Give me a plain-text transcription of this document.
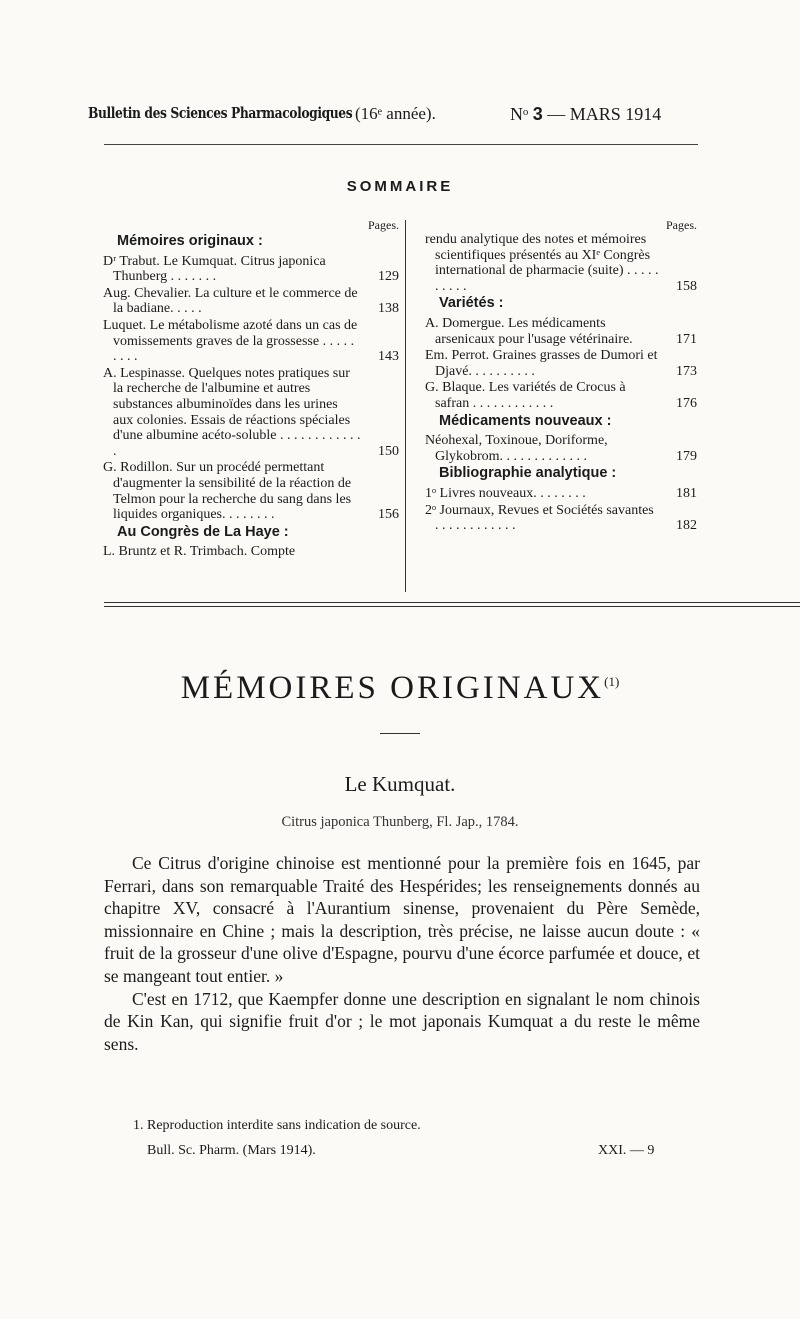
Bulletin des Sciences Pharmacologiques (16ᵉ année).	Nᵒ 3 — MARS 1914
SOMMAIRE
Pages.
Mémoires originaux :
Dʳ Trabut. Le Kumquat. Citrus japonica Thunberg . . . . . . .	129
Aug. Chevalier. La culture et le commerce de la badiane. . . . .	138
Luquet. Le métabolisme azoté dans un cas de vomissements graves de la grossesse . . . . . . . . .	143
A. Lespinasse. Quelques notes pratiques sur la recherche de l'albumine et autres substances albuminoïdes dans les urines aux colonies. Essais de réactions spéciales d'une albumine acéto-soluble . . . . . . . . . . . . .	150
G. Rodillon. Sur un procédé permettant d'augmenter la sensibilité de la réaction de Telmon pour la recherche du sang dans les liquides organiques. . . . . . . .	156
Au Congrès de La Haye :
L. Bruntz et R. Trimbach. Compte
Pages.
rendu analytique des notes et mémoires scientifiques présentés au XIᵉ Congrès international de pharmacie (suite) . . . . . . . . . .	158
Variétés :
A. Domergue. Les médicaments arsenicaux pour l'usage vétérinaire.	171
Em. Perrot. Graines grasses de Dumori et Djavé. . . . . . . . . .	173
G. Blaque. Les variétés de Crocus à safran . . . . . . . . . . . .	176
Médicaments nouveaux :
Néohexal, Toxinoue, Doriforme, Glykobrom. . . . . . . . . . . . .	179
Bibliographie analytique :
1ᵒ Livres nouveaux. . . . . . . .	181
2ᵒ Journaux, Revues et Sociétés savantes . . . . . . . . . . . .	182
MÉMOIRES ORIGINAUX$^{(1)}$
Le Kumquat.
Citrus japonica Thunberg, Fl. Jap., 1784.

Ce Citrus d'origine chinoise est mentionné pour la première fois en 1645, par Ferrari, dans son remarquable Traité des Hespérides; les renseignements donnés au chapitre XV, consacré à l'Aurantium sinense, provenaient du Père Semède, missionnaire en Chine ; mais la description, très précise, ne laisse aucun doute : « fruit de la grosseur d'une olive d'Espagne, pourvu d'une écorce parfumée et douce, et se mangeant tout entier. »

C'est en 1712, que Kaempfer donne une description en signalant le nom chinois de Kin Kan, qui signifie fruit d'or ; le mot japonais Kumquat a du reste le même sens.

1. Reproduction interdite sans indication de source.
Bull. Sc. Pharm. (Mars 1914).	XXI. — 9
